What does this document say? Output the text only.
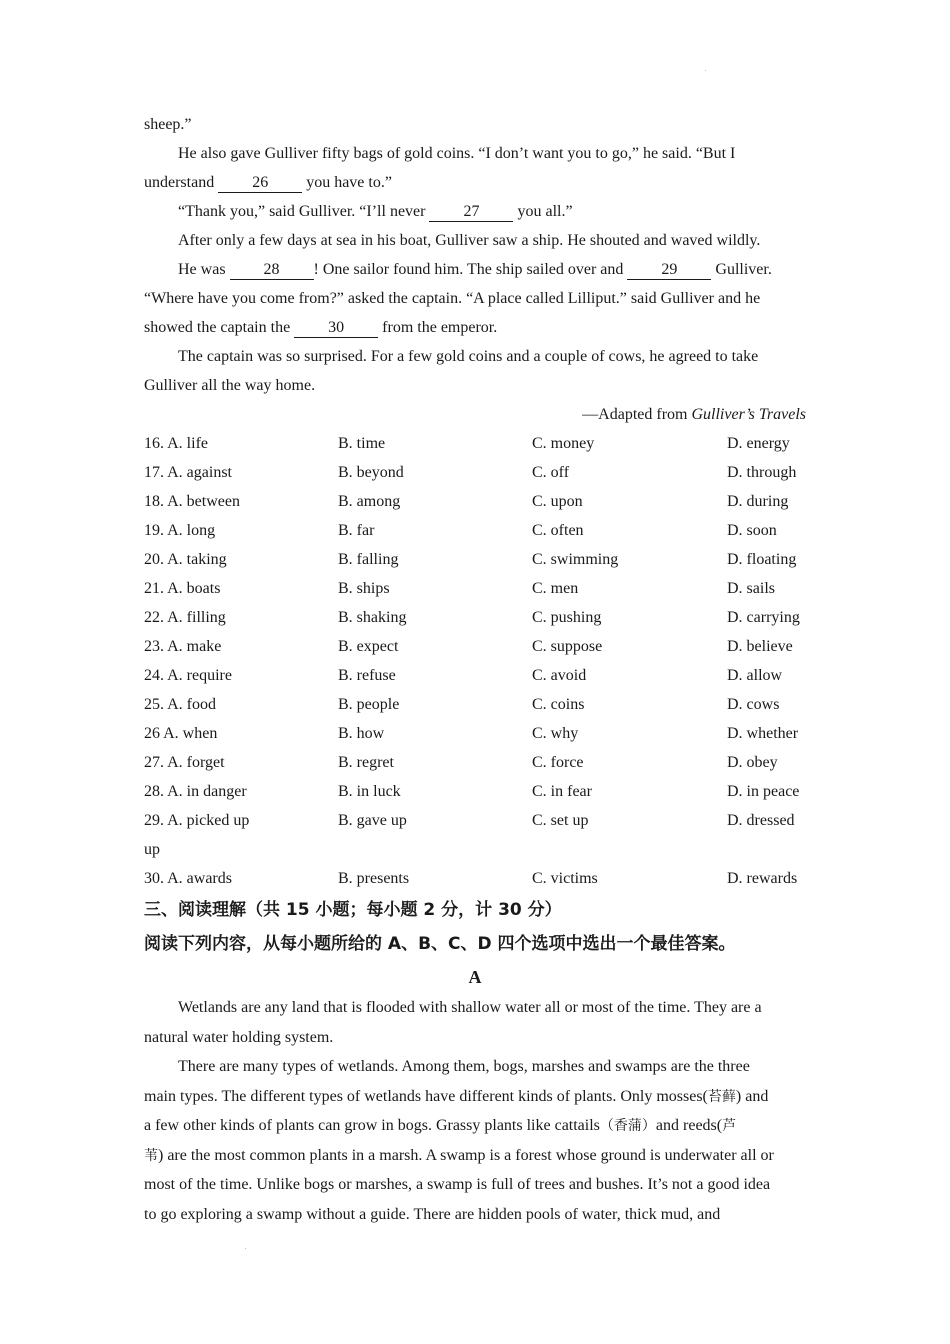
sheep.”
He also gave Gulliver fifty bags of gold coins. “I don’t want you to go,” he said. “But I
understand 26 you have to.”
“Thank you,” said Gulliver. “I’ll never 27 you all.”
After only a few days at sea in his boat, Gulliver saw a ship. He shouted and waved wildly.
He was 28 ! One sailor found him. The ship sailed over and 29 Gulliver.
“Where have you come from?” asked the captain. “A place called Lilliput.” said Gulliver and he
showed the captain the 30 from the emperor.
The captain was so surprised. For a few gold coins and a couple of cows, he agreed to take
Gulliver all the way home.
—Adapted from Gulliver’s Travels
16. A. life	B. time	C. money	D. energy
17. A. against	B. beyond	C. off	D. through
18. A. between	B. among	C. upon	D. during
19. A. long	B. far	C. often	D. soon
20. A. taking	B. falling	C. swimming	D. floating
21. A. boats	B. ships	C. men	D. sails
22. A. filling	B. shaking	C. pushing	D. carrying
23. A. make	B. expect	C. suppose	D. believe
24. A. require	B. refuse	C. avoid	D. allow
25. A. food	B. people	C. coins	D. cows
26 A. when	B. how	C. why	D. whether
27. A. forget	B. regret	C. force	D. obey
28. A. in danger	B. in luck	C. in fear	D. in peace
29. A. picked up	B. gave up	C. set up	D. dressed
up
30. A. awards	B. presents	C. victims	D. rewards
三、阅读理解（共 15 小题；每小题 2 分，计 30 分）
阅读下列内容，从每小题所给的 A、B、C、D 四个选项中选出一个最佳答案。
A
Wetlands are any land that is flooded with shallow water all or most of the time. They are a
natural water holding system.
There are many types of wetlands. Among them, bogs, marshes and swamps are the three
main types. The different types of wetlands have different kinds of plants. Only mosses(苔藓) and
a few other kinds of plants can grow in bogs. Grassy plants like cattails（香蒲）and reeds(芦
苇) are the most common plants in a marsh. A swamp is a forest whose ground is underwater all or
most of the time. Unlike bogs or marshes, a swamp is full of trees and bushes. It’s not a good idea
to go exploring a swamp without a guide. There are hidden pools of water, thick mud, and
